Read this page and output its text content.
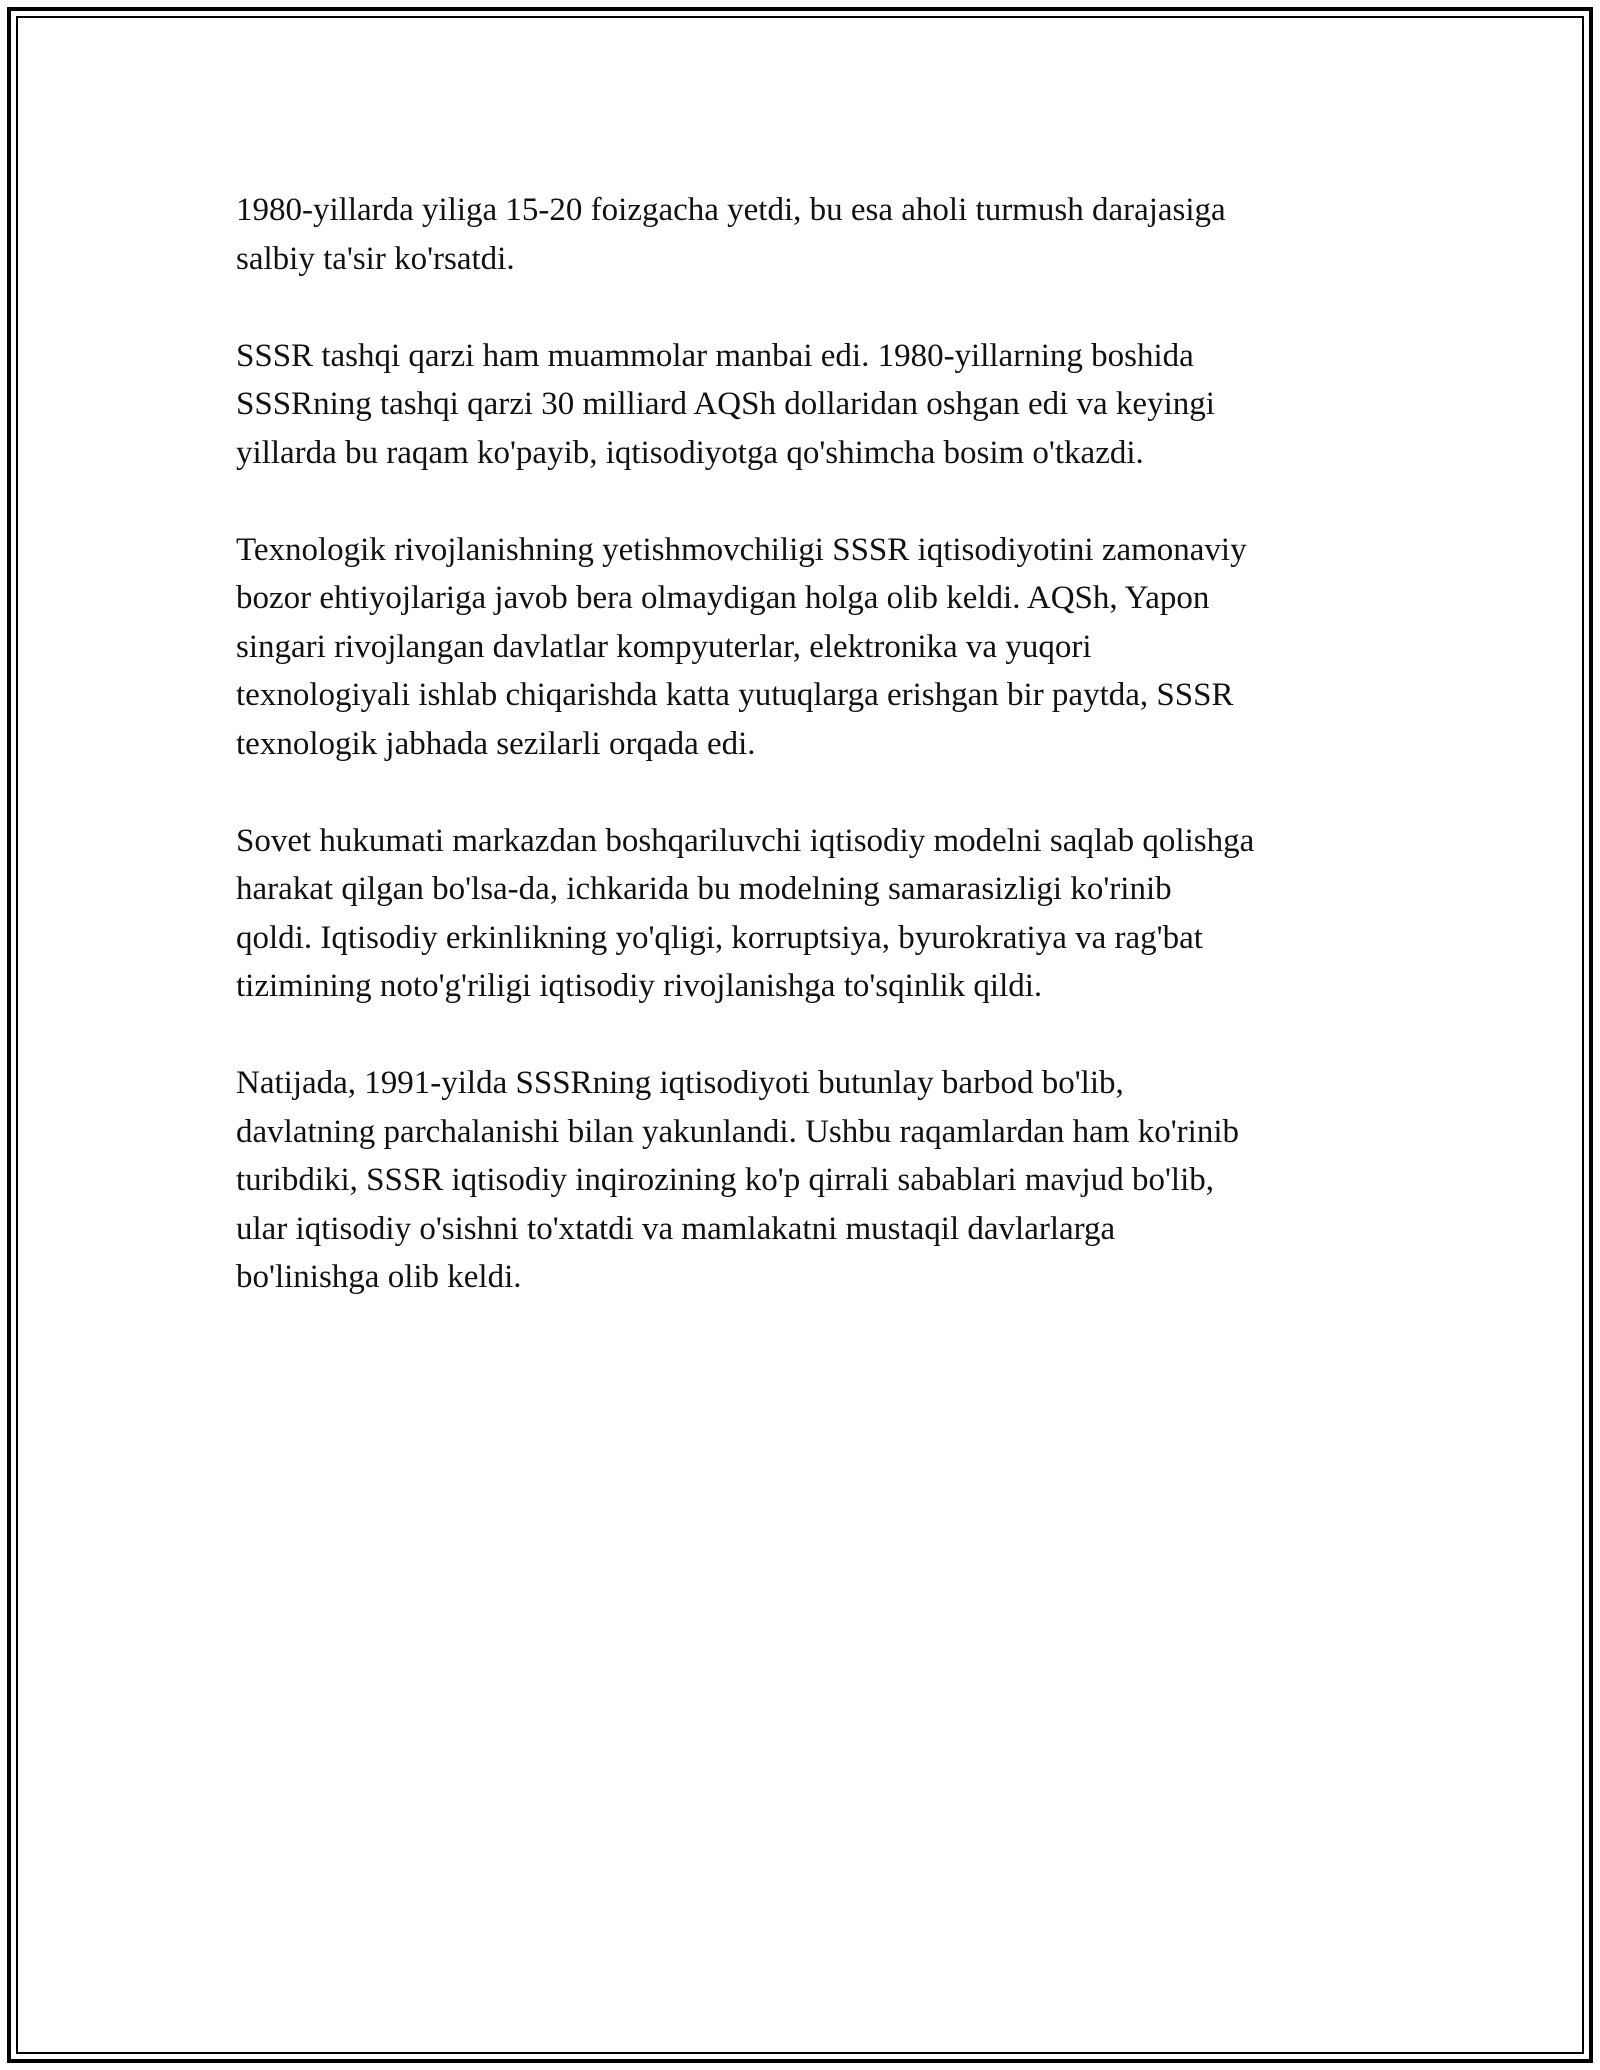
1980-yillarda yiliga 15-20 foizgacha yetdi, bu esa aholi turmush darajasiga
salbiy ta'sir ko'rsatdi.

SSSR tashqi qarzi ham muammolar manbai edi. 1980-yillarning boshida
SSSRning tashqi qarzi 30 milliard AQSh dollaridan oshgan edi va keyingi
yillarda bu raqam ko'payib, iqtisodiyotga qo'shimcha bosim o'tkazdi.

Texnologik rivojlanishning yetishmovchiligi SSSR iqtisodiyotini zamonaviy
bozor ehtiyojlariga javob bera olmaydigan holga olib keldi. AQSh, Yapon
singari rivojlangan davlatlar kompyuterlar, elektronika va yuqori
texnologiyali ishlab chiqarishda katta yutuqlarga erishgan bir paytda, SSSR
texnologik jabhada sezilarli orqada edi.

Sovet hukumati markazdan boshqariluvchi iqtisodiy modelni saqlab qolishga
harakat qilgan bo'lsa-da, ichkarida bu modelning samarasizligi ko'rinib
qoldi. Iqtisodiy erkinlikning yo'qligi, korruptsiya, byurokratiya va rag'bat
tizimining noto'g'riligi iqtisodiy rivojlanishga to'sqinlik qildi.

Natijada, 1991-yilda SSSRning iqtisodiyoti butunlay barbod bo'lib,
davlatning parchalanishi bilan yakunlandi. Ushbu raqamlardan ham ko'rinib
turibdiki, SSSR iqtisodiy inqirozining ko'p qirrali sabablari mavjud bo'lib,
ular iqtisodiy o'sishni to'xtatdi va mamlakatni mustaqil davlarlarga
bo'linishga olib keldi.
